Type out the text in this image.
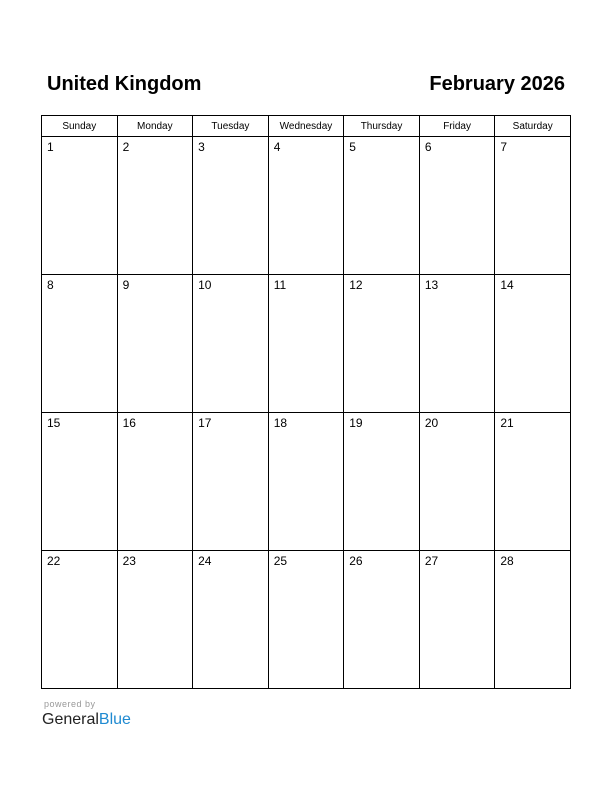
United Kingdom	February 2026
Sunday	Monday	Tuesday	Wednesday	Thursday	Friday	Saturday

1	2	3	4	5	6	7

8	9	10	11	12	13	14

15	16	17	18	19	20	21

22	23	24	25	26	27	28
powered by
GeneralBlue
